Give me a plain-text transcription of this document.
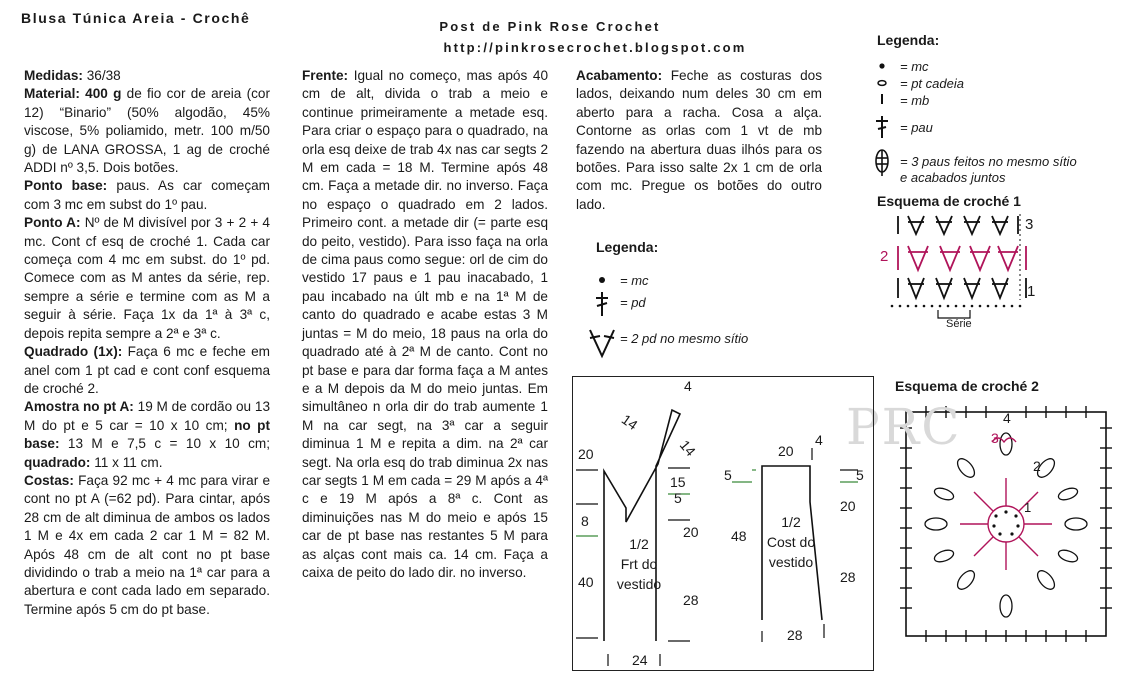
Blusa Túnica Areia - Crochê
Post de Pink Rose Crochet
http://pinkrosecrochet.blogspot.com

Medidas: 36/38

Material: 400 g de fio cor de areia (cor 12) “Binario” (50% algodão, 45% viscose, 5% poliamido, metr. 100 m/50 g) de LANA GROSSA, 1 ag de croché ADDI nº 3,5. Dois botões.

Ponto base: paus. As car começam com 3 mc em subst do 1º pau.

Ponto A: Nº de M divisível por 3 + 2 + 4 mc. Cont cf esq de croché 1. Cada car começa com 4 mc em subst. do 1º pd. Comece com as M antes da série, rep. sempre a série e termine com as M a seguir à série. Faça 1x da 1ª à 3ª c, depois repita sempre a 2ª e 3ª c.

Quadrado (1x): Faça 6 mc e feche em anel com 1 pt cad e cont conf esquema de croché 2.

Amostra no pt A: 19 M de cordão ou 13 M do pt e 5 car = 10 x 10 cm; no pt base: 13 M e 7,5 c = 10 x 10 cm; quadrado: 11 x 11 cm.

Costas: Faça 92 mc + 4 mc para virar e cont no pt A (=62 pd). Para cintar, após 28 cm de alt diminua de ambos os lados 1 M e 4x em cada 2 car 1 M = 82 M. Após 48 cm de alt cont no pt base dividindo o trab a meio na 1ª car para a abertura e cont cada lado em separado. Termine após 5 cm do pt base.

Frente: Igual no começo, mas após 40 cm de alt, divida o trab a meio e continue primeiramente a metade esq. Para criar o espaço para o quadrado, na orla esq deixe de trab 4x nas car segts 2 M em cada = 18 M. Termine após 48 cm. Faça a metade dir. no inverso. Faça no espaço o quadrado em 2 lados. Primeiro cont. a metade dir (= parte esq do peito, vestido). Para isso faça na orla de cima paus como segue: orl de cim do vestido 17 paus e 1 pau inacabado, 1 pau incabado na últ mb e na 1ª M de canto do quadrado e acabe estas 3 M juntas = M do meio, 18 paus na orla do quadrado até à 2ª M de canto. Cont no pt base e para dar forma faça a M antes e a M depois da M do meio juntas. Em simultâneo n orla dir do trab aumente 1 M na car segt, na 3ª car a seguir diminua 1 M e repita a dim. na 2ª car segt. Na orla esq do trab diminua 2x nas car segts 1 M em cada = 29 M após a 4ª c e 19 M após a 8ª c. Cont as diminuições nas M do meio e após 15 car de pt base nas restantes 5 M para as alças cont mais ca. 14 cm. Faça a caixa de peito do lado dir. no inverso.

Acabamento: Feche as costuras dos lados, deixando num deles 30 cm em aberto para a racha. Cosa a alça. Contorne as orlas com 1 vt de mb fazendo na abertura duas ilhós para os botões. Para isso salte 2x 1 cm de orla com mc. Pregue os botões do outro lado.

Legenda:
= mc
= pd
= 2 pd no mesmo sítio
Legenda:
= mc
= pt cadeia
= mb
= pau
= 3 paus feitos no mesmo sítio e acabados juntos
Esquema de croché 1
3
2
1
Série
Esquema de croché 2
4
3
2
1
PRC
1/2
Frt do
vestido
4
14
14
20
15
5
8
20
40
28
24
1/2
Cost do
vestido
20
4
5	5
20
48
28
28
